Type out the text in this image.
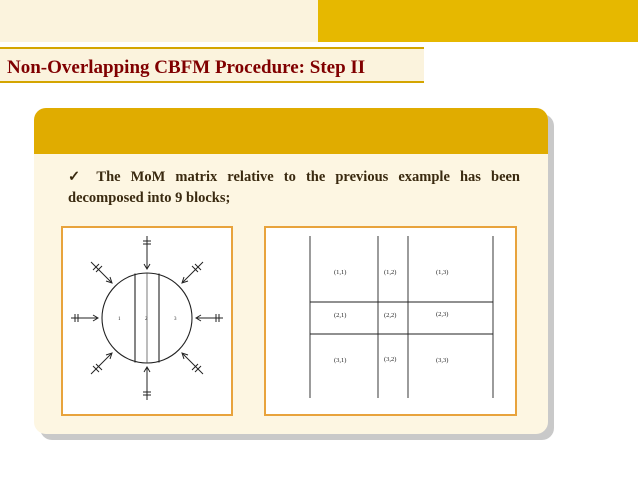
Non-Overlapping CBFM Procedure: Step II
✓ The MoM matrix relative to the previous example has been decomposed into 9 blocks;
1	2	3
(1,1)	(1,2)	(1,3)
(2,1)	(2,2)	(2,3)
(3,1)	(3,2)	(3,3)
